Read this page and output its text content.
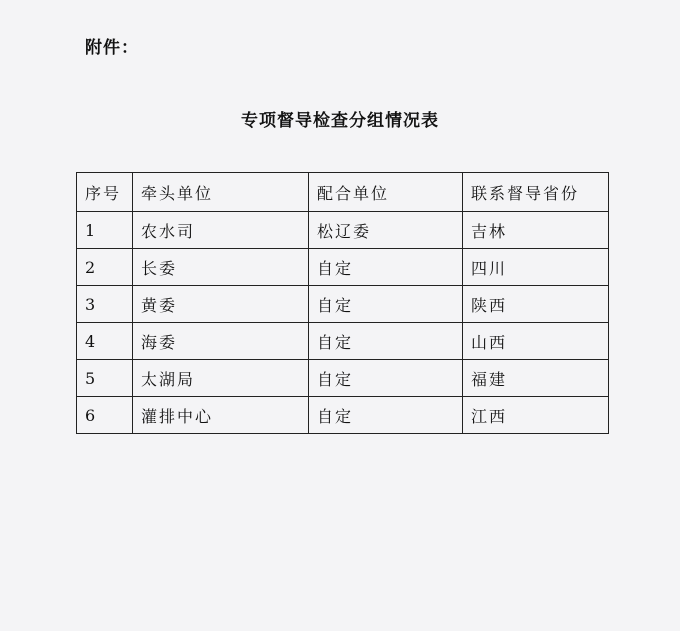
附件：
专项督导检查分组情况表
序号	牵头单位	配合单位	联系督导省份
1	农水司	松辽委	吉林
2	长委	自定	四川
3	黄委	自定	陕西
4	海委	自定	山西
5	太湖局	自定	福建
6	灌排中心	自定	江西
